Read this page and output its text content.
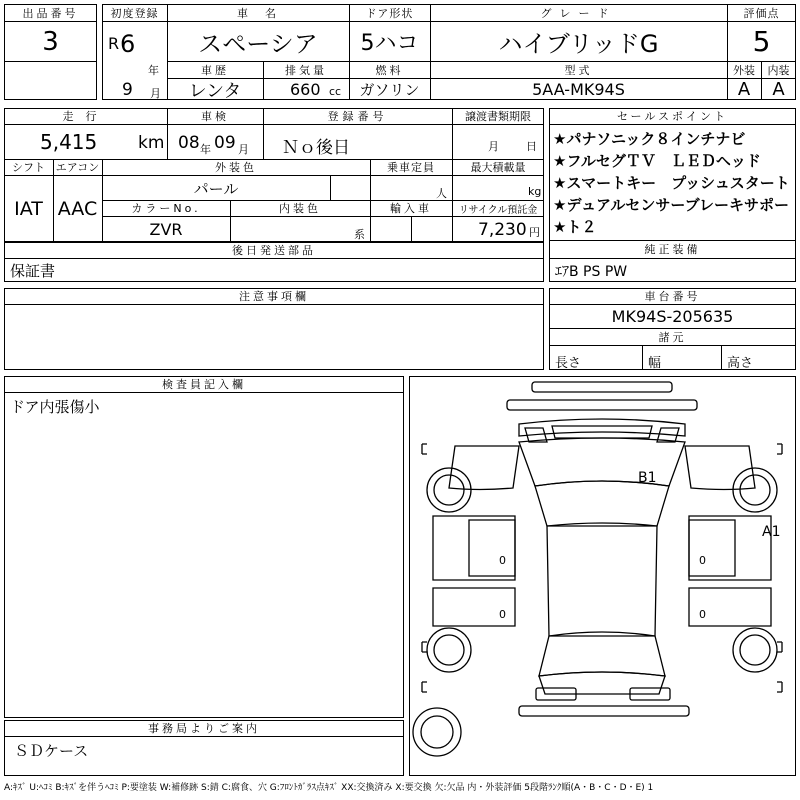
出品番号
3
初度登録
R 6
年
9 月
車　名
スペーシア
ドア形状
5ハコ
グレード
ハイブリッドG
評価点
5
車歴
レンタ
排気量
660 cc
燃料
ガソリン
型式
5AA-MK94S
外装
A
内装
A
走行
5,415 km
車検
08 年 09 月
登録番号
Ｎｏ後日
譲渡書類期限
月 日
シフト
IAT
エアコン
AAC
外装色
パール
乗車定員
人
最大積載量
kg
カラーNo.
ZVR
内装色
系
輸入車	リサイクル預託金
7,230 円
後日発送部品
保証書
セールスポイント
★パナソニック８インチナビ
★フルセグＴＶ　ＬＥＤヘッド
★スマートキー　プッシュスタート
★デュアルセンサーブレーキサポー
★ト２
純正装備
ｴｱB PS PW
注意事項欄	車台番号
MK94S-205635
諸元
長さ	幅	高さ
検査員記入欄
ドア内張傷小
事務局よりご案内
ＳＤケース
0
0
0
0
B1
A1
A:ｷｽﾞ U:ﾍｺﾐ B:ｷｽﾞを伴うﾍｺﾐ P:要塗装 W:補修跡 S:錆 C:腐食、穴 G:ﾌﾛﾝﾄｶﾞﾗｽ点ｷｽﾞ XX:交換済み X:要交換 欠:欠品 内・外装評価 5段階ﾗﾝｸ順(A・B・C・D・E) 1
